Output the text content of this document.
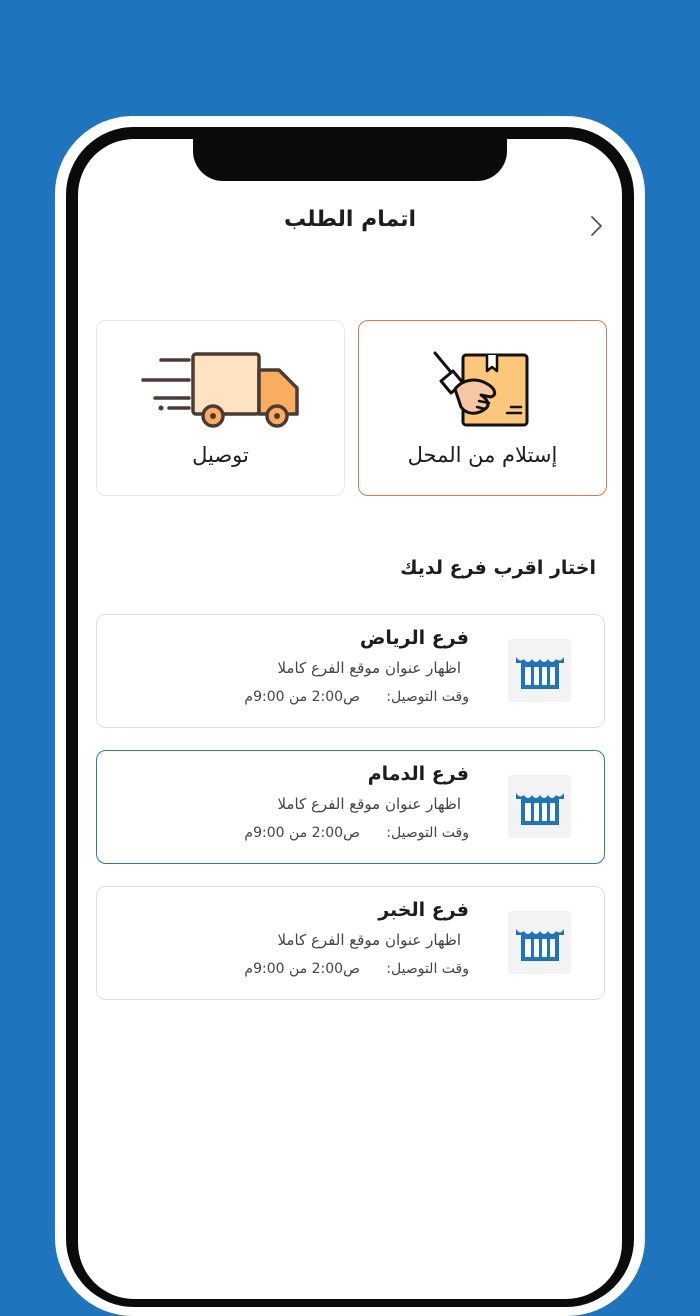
اتمام الطلب
توصيل	إستلام من المحل
اختار اقرب فرع لديك
فرع الرياض
اظهار عنوان موقع الفرع كاملا
وقت التوصيل:
ص2:00 من 9:00م
فرع الدمام
اظهار عنوان موقع الفرع كاملا
وقت التوصيل:
ص2:00 من 9:00م
فرع الخبر
اظهار عنوان موقع الفرع كاملا
وقت التوصيل:
ص2:00 من 9:00م
